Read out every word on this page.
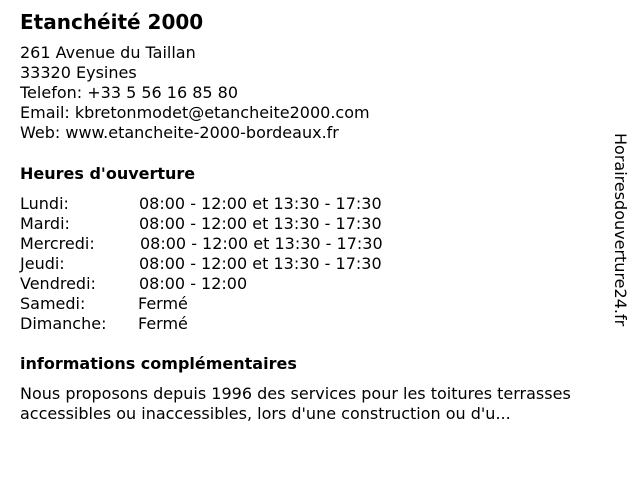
Etanchéité 2000
261 Avenue du Taillan
33320 Eysines
Telefon: +33 5 56 16 85 80
Email: kbretonmodet@etancheite2000.com
Web: www.etancheite-2000-bordeaux.fr
Heures d'ouverture
Lundi:	08:00 - 12:00 et 13:30 - 17:30
Mardi:	08:00 - 12:00 et 13:30 - 17:30
Mercredi:	08:00 - 12:00 et 13:30 - 17:30
Jeudi:	08:00 - 12:00 et 13:30 - 17:30
Vendredi:	08:00 - 12:00
Samedi:	Fermé
Dimanche: Fermé
informations complémentaires
Nous proposons depuis 1996 des services pour les toitures terrasses
accessibles ou inaccessibles, lors d'une construction ou d'u...
Horairesdouverture24.fr
